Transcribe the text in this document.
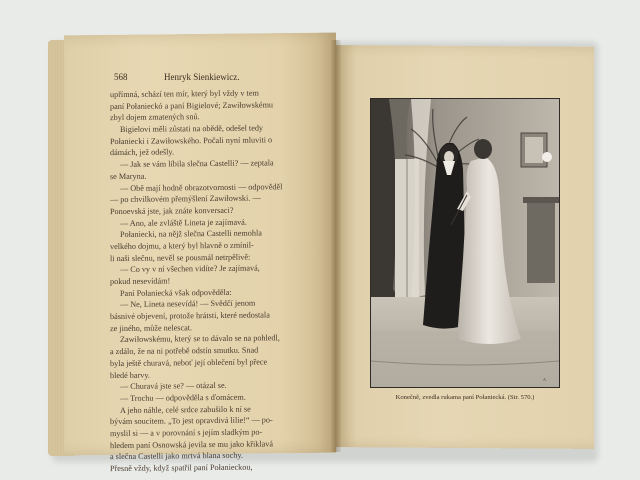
568	Henryk Sienkiewicz.
upřímná, schází ten mír, který byl vždy v tem
paní Połanieckó a paní Bigielové; Zawiłowskému
zbyl dojem zmatených snů.
Bigielovi měli zůstati na obědě, odešel tedy
Połaniecki i Zawiłowského. Počali nyní mluviti o
dámách, jež odešly.
— Jak se vám líbila slečna Castelli? — zeptala
se Maryna.
— Obě mají hodně obrazotvornosti — odpověděl
— po chvilkovém přemýšlení Zawiłowski. —
Ponoevská jste, jak znáte konversaci?
— Ano, ale zvláště Lineta je zajímavá.
Połaniecki, na nějž slečna Castelli nemohla
velkého dojmu, a který byl hlavně o zmínil-
li naši slečnu, nevěl se pousmál netrpělivě:
— Co vy v ní všechen vidíte? Je zajímavá,
pokud nesevídám!
Paní Połaniecká však odpověděla:
— Ne, Lineta nesevídá! — Svědčí jenom
básnivé objevení, protože hrátsti, které nedostala
ze jiného, může nelescat.
Zawiłowskému, který se to dávalo se na pohledl,
a zdálo, že na ni potřebě odstín smutku. Snad
byla ještě churavá, neboť její oblečení byl přece
bledé barvy.
— Churavá jste se? — otázal se.
— Trochu — odpověděla s ďomácem.
A jeho náhle, celé srdce zabušilo k ní se
bývám soucitem. „To jest opravdivá lilie!“ — po-
myslil si — a v porovnání s jejím sladkým po-
hledem paní Osnowská jevila se mu jako křiklavá
a slečna Castelli jako mrtvá blana sochy.
Přesně vždy, když spatřil paní Połanieckou,
A.
Konečně, zvedla rukama paní Połaniecká. (Str. 570.)
